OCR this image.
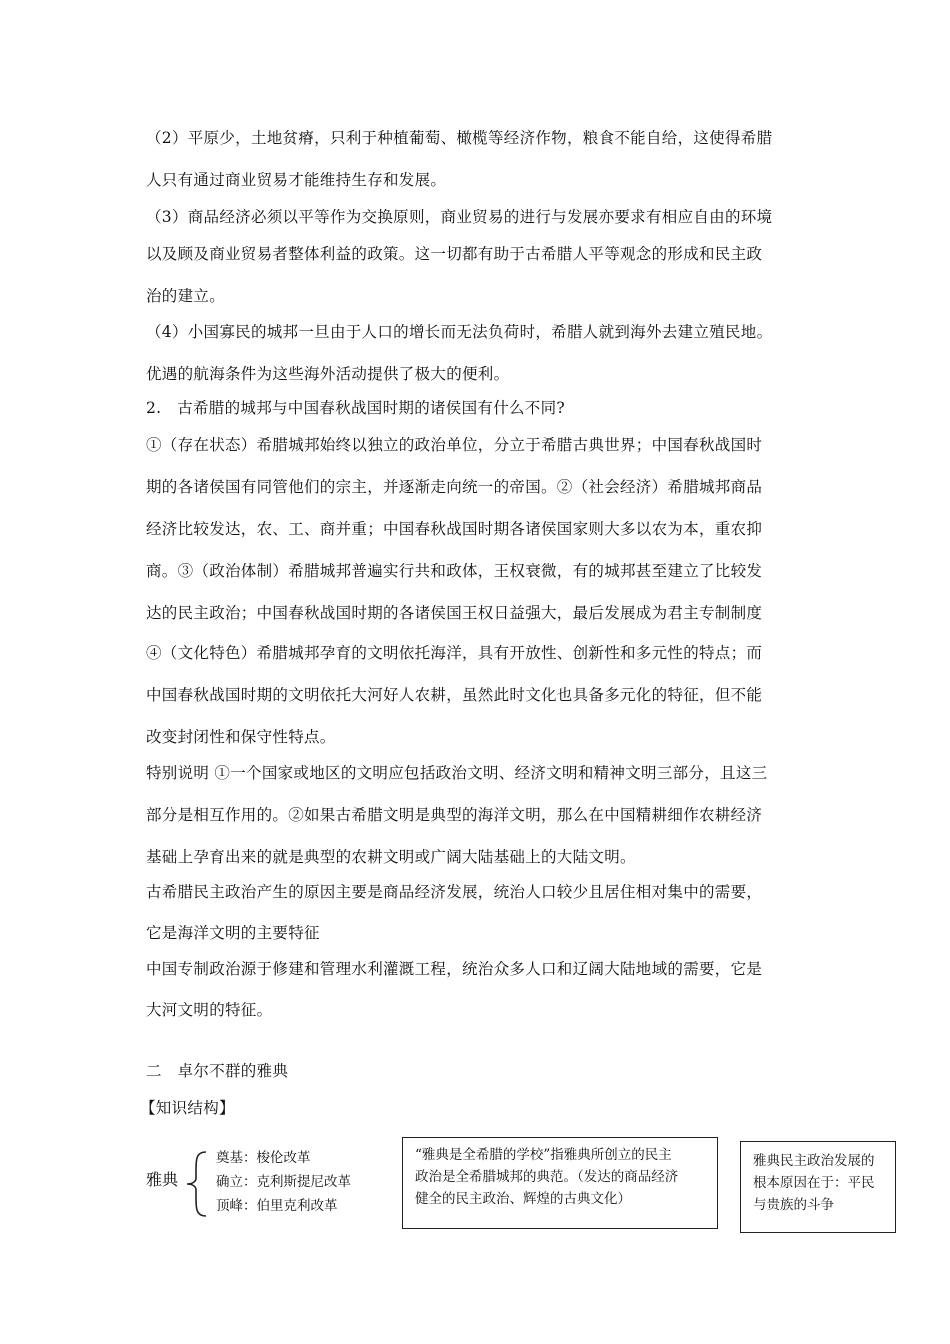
（2）平原少，土地贫瘠，只利于种植葡萄、橄榄等经济作物，粮食不能自给，这使得希腊
人只有通过商业贸易才能维持生存和发展。
（3）商品经济必须以平等作为交换原则，商业贸易的进行与发展亦要求有相应自由的环境
以及顾及商业贸易者整体利益的政策。这一切都有助于古希腊人平等观念的形成和民主政
治的建立。
（4）小国寡民的城邦一旦由于人口的增长而无法负荷时，希腊人就到海外去建立殖民地。
优遇的航海条件为这些海外活动提供了极大的便利。
2.　古希腊的城邦与中国春秋战国时期的诸侯国有什么不同?
①（存在状态）希腊城邦始终以独立的政治单位，分立于希腊古典世界；中国春秋战国时
期的各诸侯国有同管他们的宗主，并逐渐走向统一的帝国。②（社会经济）希腊城邦商品
经济比较发达，农、工、商并重；中国春秋战国时期各诸侯国家则大多以农为本，重农抑
商。③（政治体制）希腊城邦普遍实行共和政体，王权衰微，有的城邦甚至建立了比较发
达的民主政治；中国春秋战国时期的各诸侯国王权日益强大，最后发展成为君主专制制度
④（文化特色）希腊城邦孕育的文明依托海洋，具有开放性、创新性和多元性的特点；而
中国春秋战国时期的文明依托大河好人农耕，虽然此时文化也具备多元化的特征，但不能
改变封闭性和保守性特点。
特别说明 ①一个国家或地区的文明应包括政治文明、经济文明和精神文明三部分，且这三
部分是相互作用的。②如果古希腊文明是典型的海洋文明，那么在中国精耕细作农耕经济
基础上孕育出来的就是典型的农耕文明或广阔大陆基础上的大陆文明。
古希腊民主政治产生的原因主要是商品经济发展，统治人口较少且居住相对集中的需要，
它是海洋文明的主要特征
中国专制政治源于修建和管理水利灌溉工程，统治众多人口和辽阔大陆地域的需要，它是
大河文明的特征。
二　卓尔不群的雅典
【知识结构】
雅典
奠基：梭伦改革
确立：克利斯提尼改革
顶峰：伯里克利改革
“雅典是全希腊的学校”指雅典所创立的民主
政治是全希腊城邦的典范。（发达的商品经济
健全的民主政治、辉煌的古典文化）
雅典民主政治发展的
根本原因在于：平民
与贵族的斗争
